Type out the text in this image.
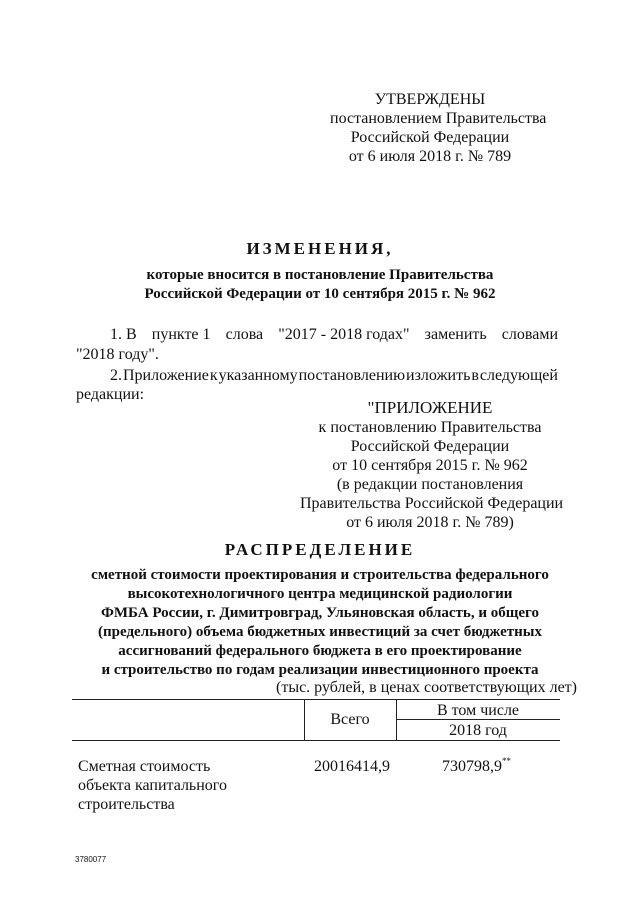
УТВЕРЖДЕНЫ
постановлением Правительства
Российской Федерации
от 6 июля 2018 г. № 789
ИЗМЕНЕНИЯ,
которые вносится в постановление Правительства
Российской Федерации от 10 сентября 2015 г. № 962
1. В пункте 1 слова "2017 - 2018 годах" заменить словами
"2018 году".
2. Приложение к указанному постановлению изложить в следующей
редакции:
"ПРИЛОЖЕНИЕ
к постановлению Правительства
Российской Федерации
от 10 сентября 2015 г. № 962
(в редакции постановления
Правительства Российской Федерации
от 6 июля 2018 г. № 789)
РАСПРЕДЕЛЕНИЕ
сметной стоимости проектирования и строительства федерального
высокотехнологичного центра медицинской радиологии
ФМБА России, г. Димитровград, Ульяновская область, и общего
(предельного) объема бюджетных инвестиций за счет бюджетных
ассигнований федерального бюджета в его проектирование
и строительство по годам реализации инвестиционного проекта
(тыс. рублей, в ценах соответствующих лет)
Всего
В том числе
2018 год
Сметная стоимость
объекта капитального
строительства
20016414,9	730798,9**
3780077
